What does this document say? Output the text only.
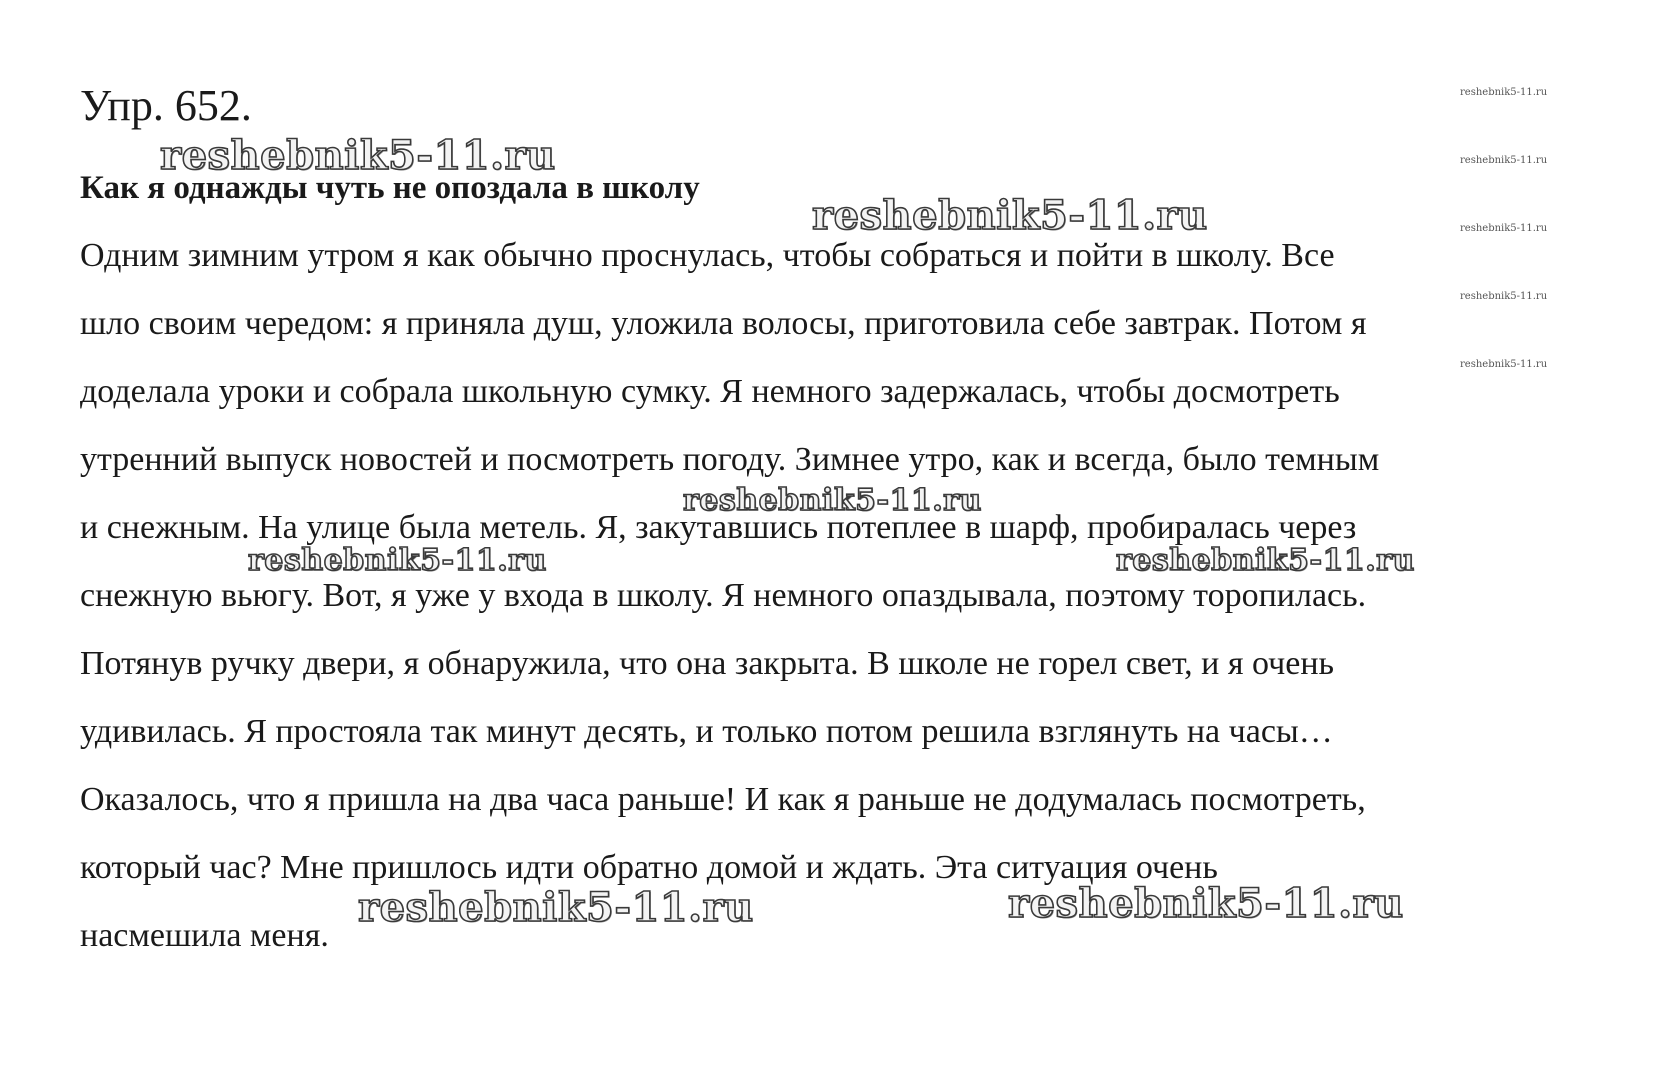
Упр. 652.
Как я однажды чуть не опоздала в школу
Одним зимним утром я как обычно проснулась, чтобы собраться и пойти в школу. Все
шло своим чередом: я приняла душ, уложила волосы, приготовила себе завтрак. Потом я
доделала уроки и собрала школьную сумку. Я немного задержалась, чтобы досмотреть
утренний выпуск новостей и посмотреть погоду. Зимнее утро, как и всегда, было темным
и снежным. На улице была метель. Я, закутавшись потеплее в шарф, пробиралась через
снежную вьюгу. Вот, я уже у входа в школу. Я немного опаздывала, поэтому торопилась.
Потянув ручку двери, я обнаружила, что она закрыта. В школе не горел свет, и я очень
удивилась. Я простояла так минут десять, и только потом решила взглянуть на часы…
Оказалось, что я пришла на два часа раньше! И как я раньше не додумалась посмотреть,
который час? Мне пришлось идти обратно домой и ждать. Эта ситуация очень
насмешила меня.
reshebnik5-11.ru
reshebnik5-11.ru
reshebnik5-11.ru
reshebnik5-11.ru	reshebnik5-11.ru
reshebnik5-11.ru	reshebnik5-11.ru
reshebnik5-11.ru
reshebnik5-11.ru
reshebnik5-11.ru
reshebnik5-11.ru
reshebnik5-11.ru
